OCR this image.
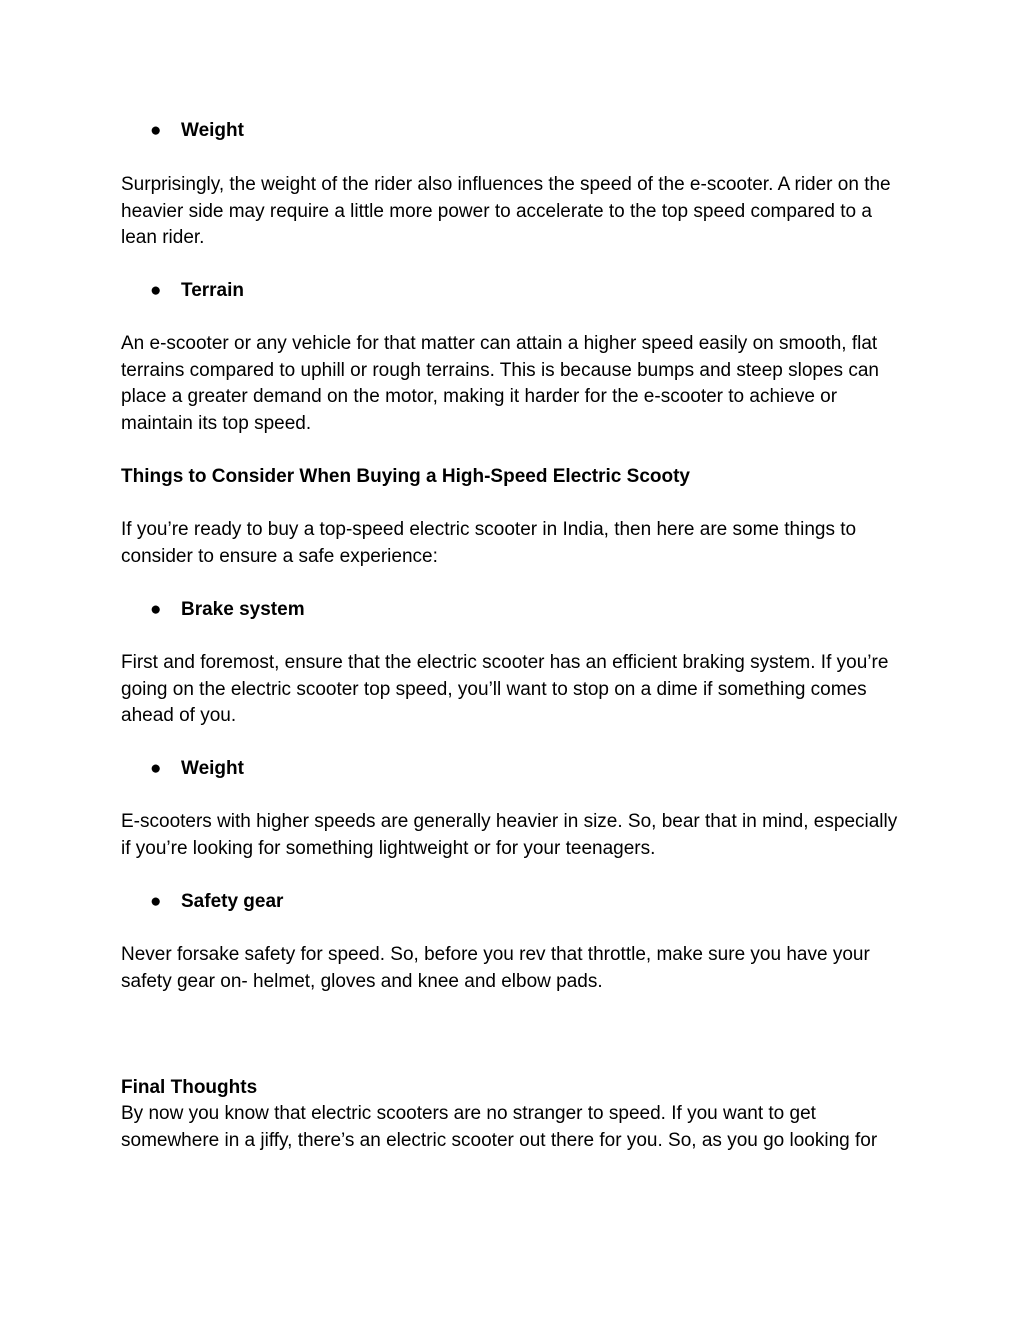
● Weight

Surprisingly, the weight of the rider also influences the speed of the e-scooter. A rider on the heavier side may require a little more power to accelerate to the top speed compared to a lean rider.

● Terrain

An e-scooter or any vehicle for that matter can attain a higher speed easily on smooth, flat terrains compared to uphill or rough terrains. This is because bumps and steep slopes can place a greater demand on the motor, making it harder for the e-scooter to achieve or maintain its top speed.

Things to Consider When Buying a High-Speed Electric Scooty

If you’re ready to buy a top-speed electric scooter in India, then here are some things to consider to ensure a safe experience:

● Brake system

First and foremost, ensure that the electric scooter has an efficient braking system. If you’re going on the electric scooter top speed, you’ll want to stop on a dime if something comes ahead of you.

● Weight

E-scooters with higher speeds are generally heavier in size. So, bear that in mind, especially if you’re looking for something lightweight or for your teenagers.

● Safety gear

Never forsake safety for speed. So, before you rev that throttle, make sure you have your safety gear on- helmet, gloves and knee and elbow pads.

Final Thoughts

By now you know that electric scooters are no stranger to speed. If you want to get somewhere in a jiffy, there’s an electric scooter out there for you. So, as you go looking for
